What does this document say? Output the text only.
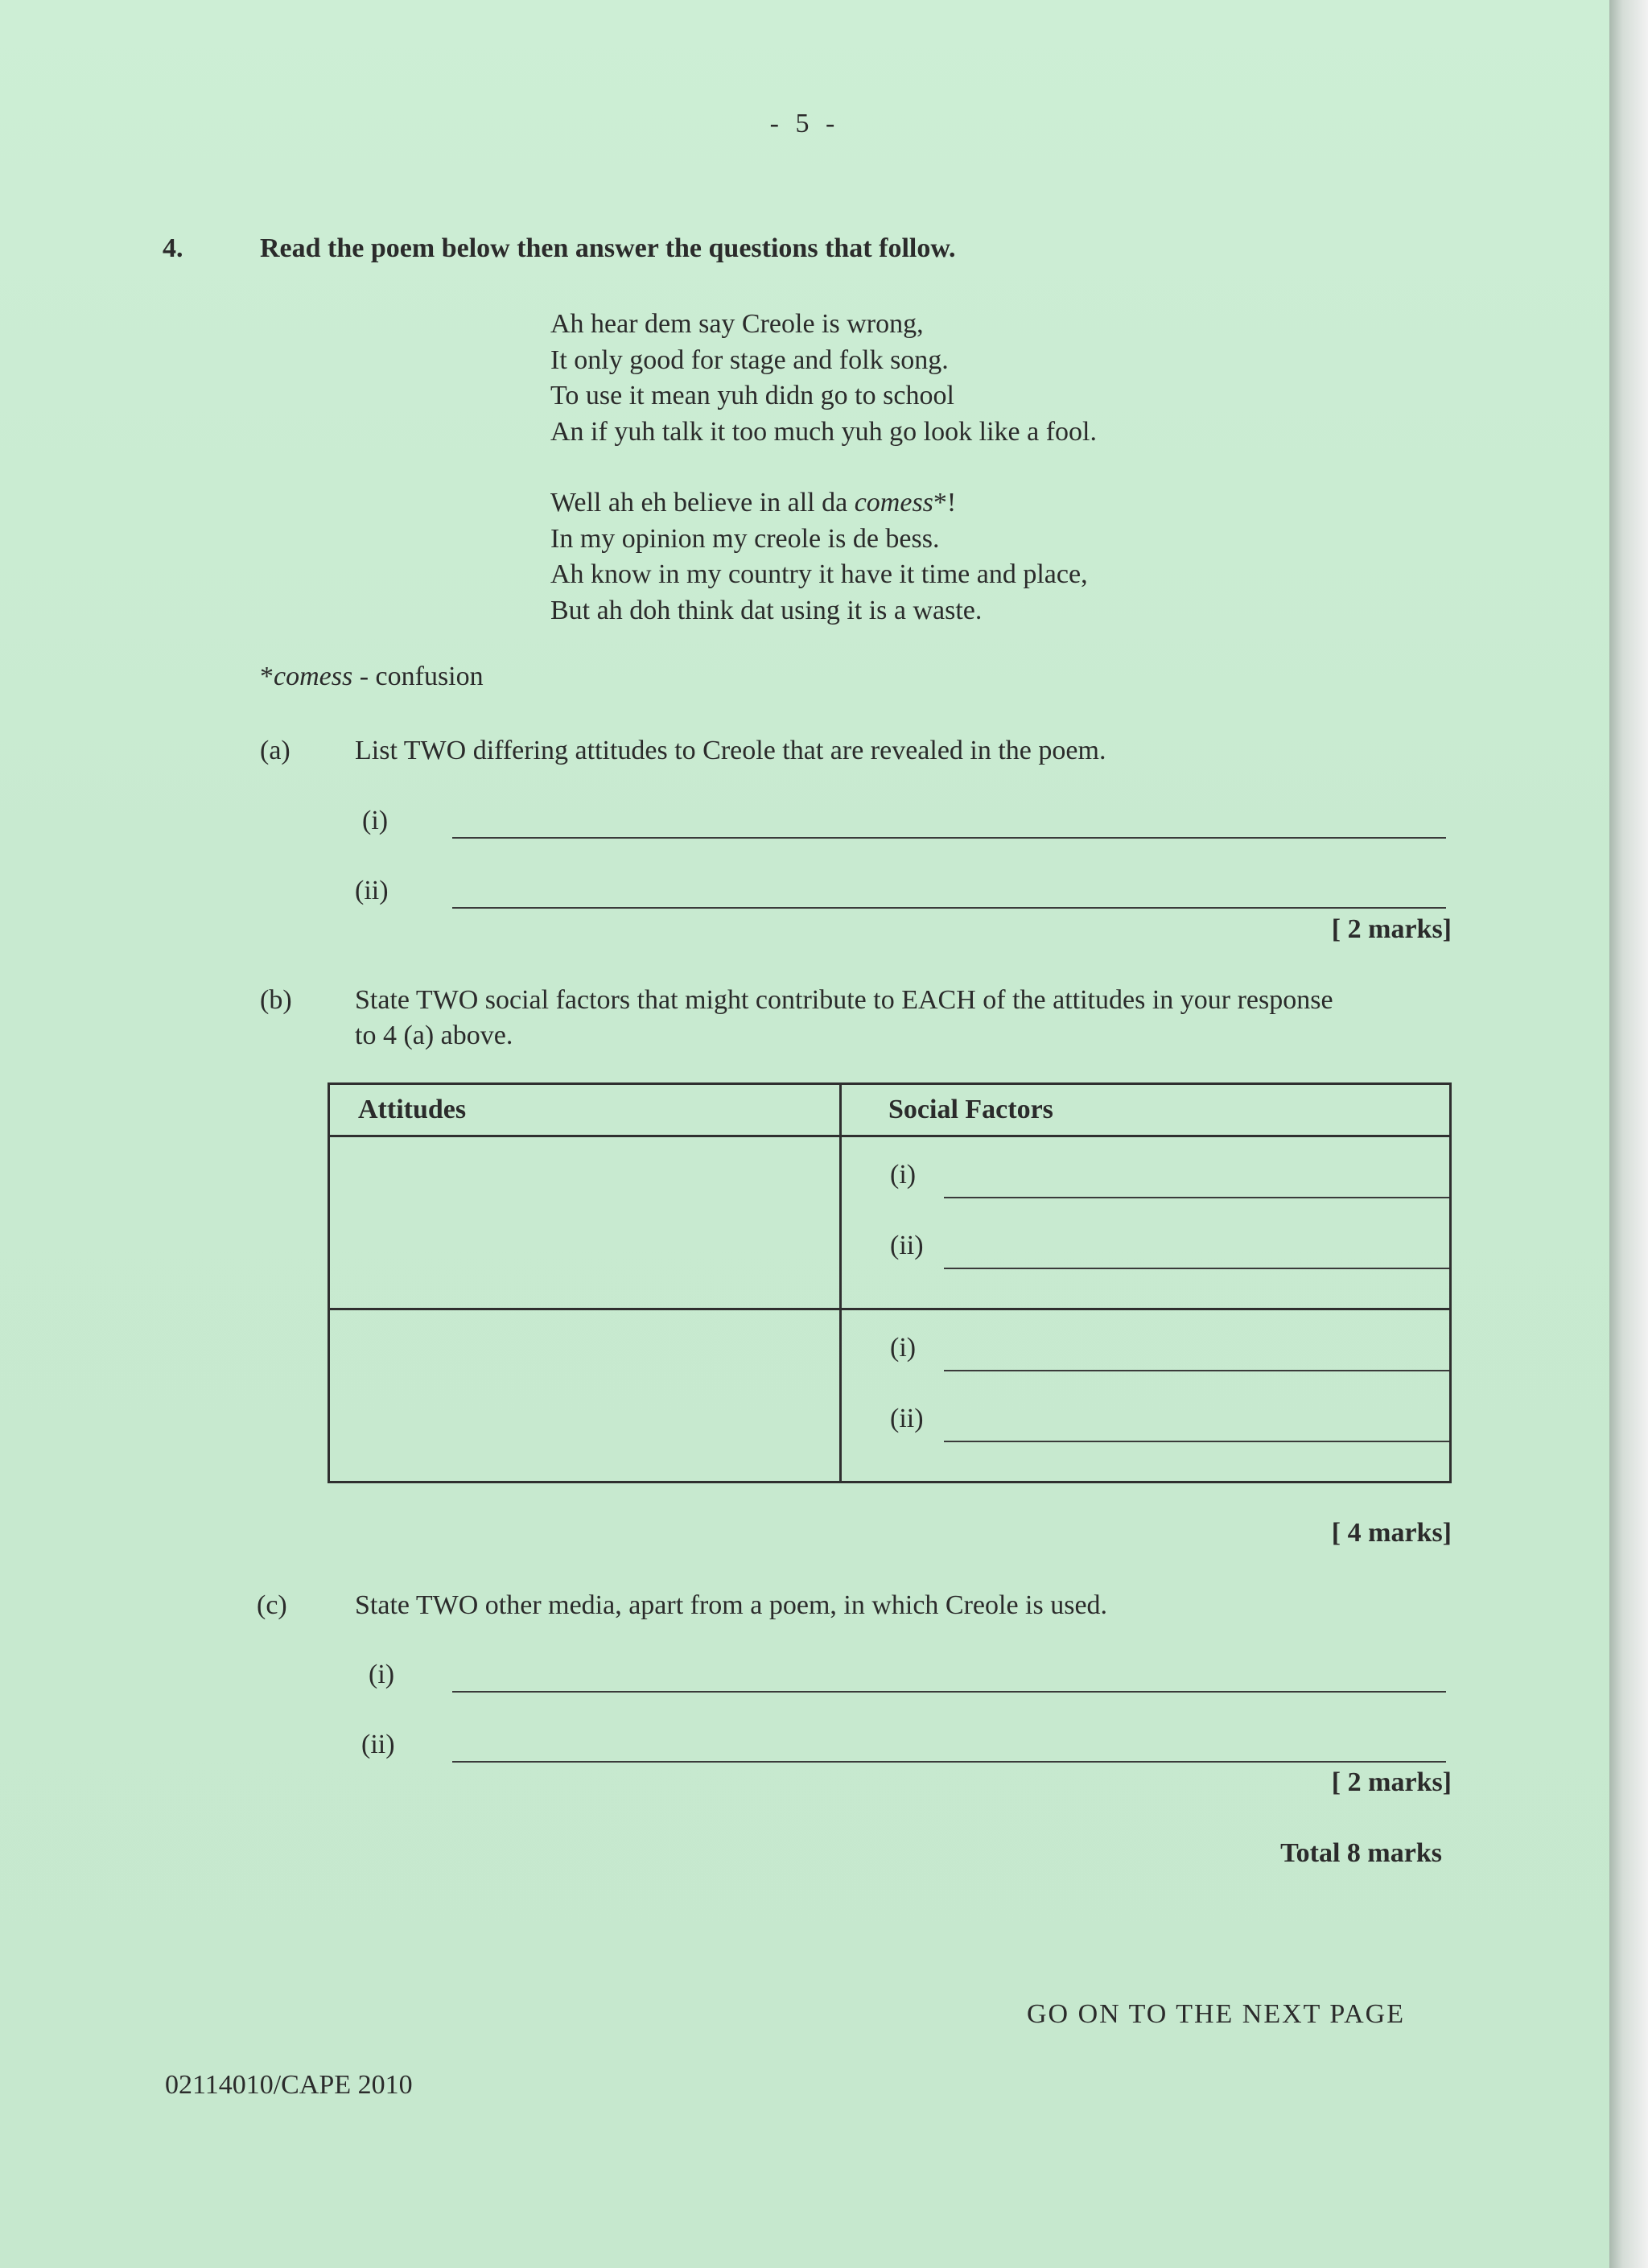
- 5 -
4.	Read the poem below then answer the questions that follow.
Ah hear dem say Creole is wrong,
It only good for stage and folk song.
To use it mean yuh didn go to school
An if yuh talk it too much yuh go look like a fool.
Well ah eh believe in all da comess*!
In my opinion my creole is de bess.
Ah know in my country it have it time and place,
But ah doh think dat using it is a waste.
*comess - confusion
(a) List TWO differing attitudes to Creole that are revealed in the poem.
(i)
(ii)
[ 2 marks]
(b) State TWO social factors that might contribute to EACH of the attitudes in your response
to 4 (a) above.
Attitudes	Social Factors

	(i)
(ii)

	(i)
(ii)
[ 4 marks]
(c) State TWO other media, apart from a poem, in which Creole is used.
(i)
(ii)
[ 2 marks]
Total 8 marks
GO ON TO THE NEXT PAGE
02114010/CAPE 2010
